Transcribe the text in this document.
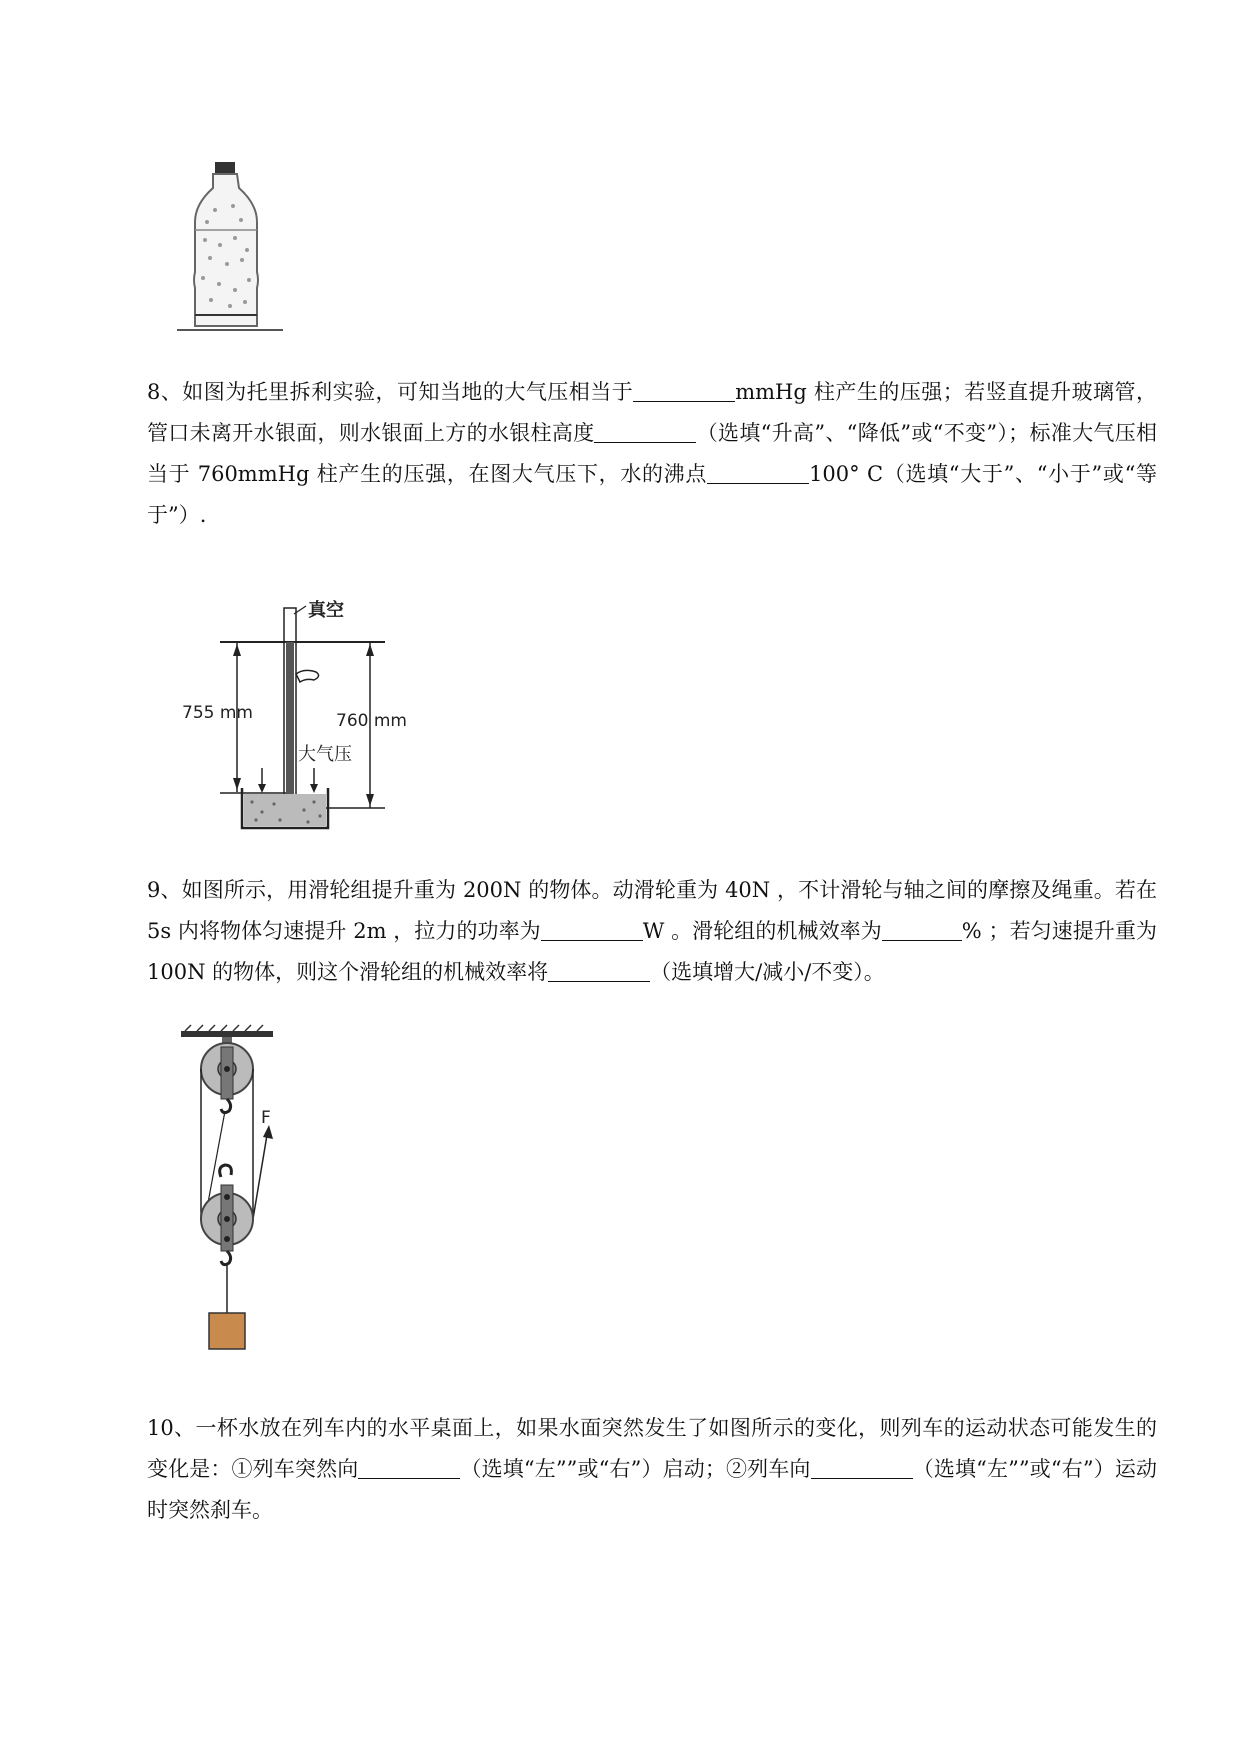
8、如图为托里拆利实验，可知当地的大气压相当于	mmHg 柱产生的压强；若竖直提升玻璃管，管口未离开水银面，则水银面上方的水银柱高度	（选填“升高”、“降低”或“不变”）；标准大气压相当于 760mmHg 柱产生的压强，在图大气压下，水的沸点	100° C（选填“大于”、“小于”或“等于”）.
真空
755 mm	760 mm
大气压
9、如图所示，用滑轮组提升重为 200N 的物体。动滑轮重为 40N ，不计滑轮与轴之间的摩擦及绳重。若在 5s 内将物体匀速提升 2m ，拉力的功率为	W 。滑轮组的机械效率为	% ；若匀速提升重为 100N 的物体，则这个滑轮组的机械效率将	（选填增大/减小/不变）。
F
10、一杯水放在列车内的水平桌面上，如果水面突然发生了如图所示的变化，则列车的运动状态可能发生的变化是：①列车突然向	（选填“左””或“右”）启动；②列车向	（选填“左””或“右”）运动时突然刹车。
